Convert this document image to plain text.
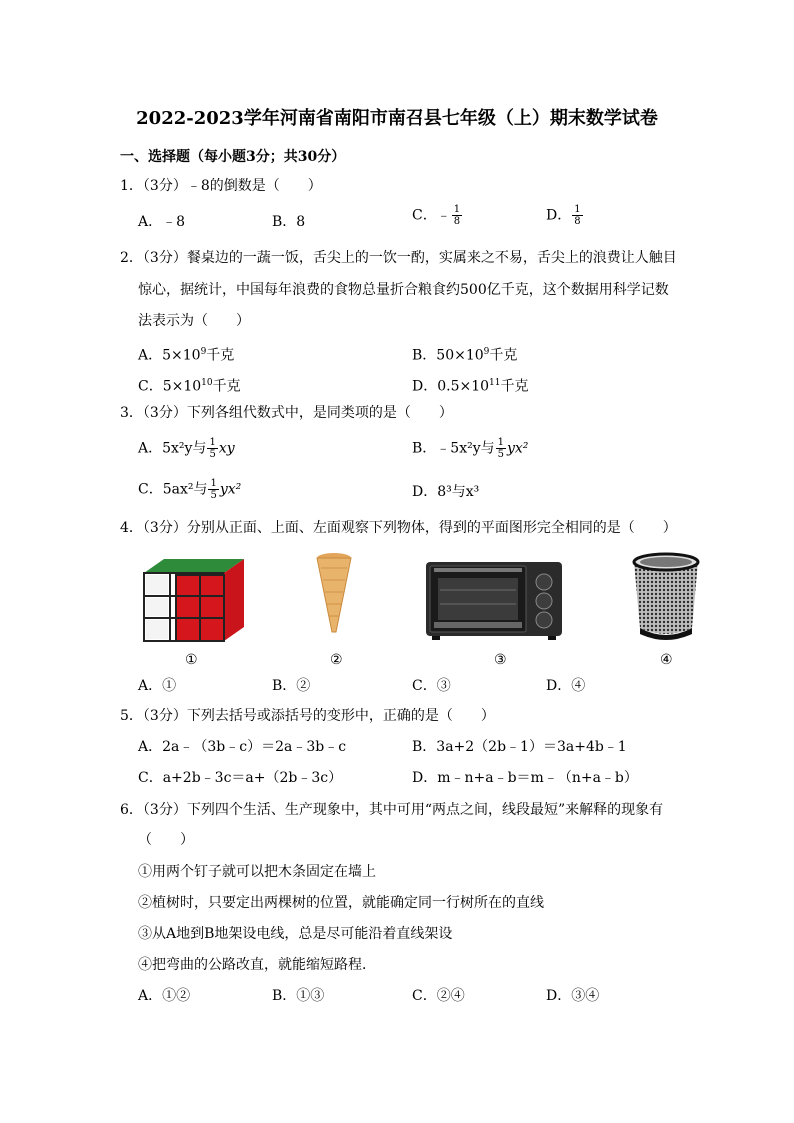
2022-2023学年河南省南阳市南召县七年级（上）期末数学试卷
一、选择题（每小题3分；共30分）
1．（3分）﹣8的倒数是（　　）
A．﹣8	B．8	C．﹣ $\frac{1}{8}$	D． $\frac{1}{8}$
2．（3分）餐桌边的一蔬一饭，舌尖上的一饮一酌，实属来之不易，舌尖上的浪费让人触目
惊心，据统计，中国每年浪费的食物总量折合粮食约500亿千克，这个数据用科学记数
法表示为（　　）
A．$5\times 10^9$千克	B．$50\times 10^9$千克
C．$5\times 10^{10}$千克	D．$0.5\times 10^{11}$千克
3．（3分）下列各组代数式中，是同类项的是（　　）
A．5x²y与 $\frac{1}{5}$ xy	B．﹣5x²y与 $\frac{1}{5} yx^2$
C．5ax²与 $\frac{1}{5} yx^2$	D．8³与x³
4．（3分）分别从正面、上面、左面观察下列物体，得到的平面图形完全相同的是（　　）
①	②	③	④
A．①	B．②	C．③	D．④
5．（3分）下列去括号或添括号的变形中，正确的是（　　）
A．2a﹣（3b﹣c）＝2a﹣3b﹣c	B．3a+2（2b﹣1）＝3a+4b﹣1
C．a+2b﹣3c＝a+（2b﹣3c）	D．m﹣n+a﹣b＝m﹣（n+a﹣b）
6．（3分）下列四个生活、生产现象中，其中可用“两点之间，线段最短”来解释的现象有
（　　）
①用两个钉子就可以把木条固定在墙上
②植树时，只要定出两棵树的位置，就能确定同一行树所在的直线
③从A地到B地架设电线，总是尽可能沿着直线架设
④把弯曲的公路改直，就能缩短路程．
A．①②	B．①③	C．②④	D．③④
